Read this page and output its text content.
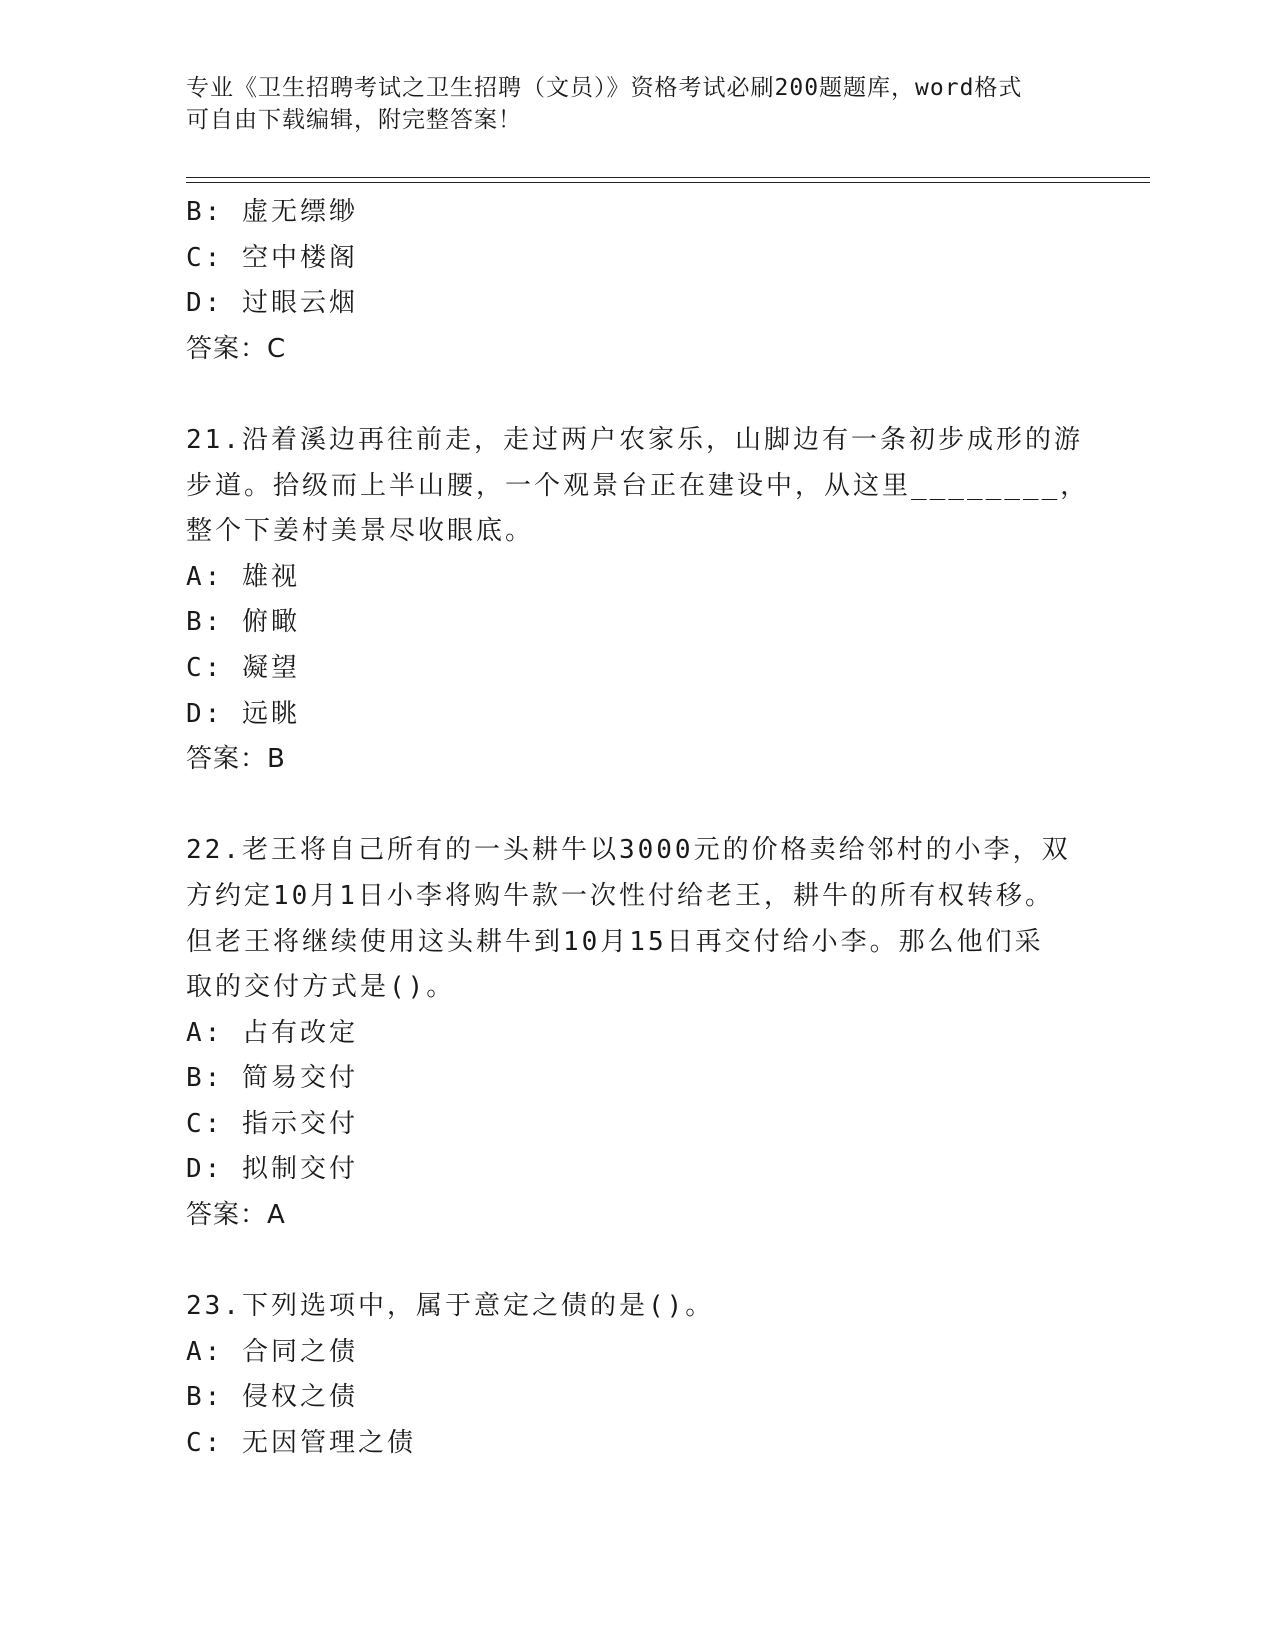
专业《卫生招聘考试之卫生招聘（文员）》资格考试必刷200题题库，word格式
可自由下载编辑，附完整答案！
B: 虚无缥缈
C: 空中楼阁
D: 过眼云烟
答案：C
21.沿着溪边再往前走，走过两户农家乐，山脚边有一条初步成形的游
步道。拾级而上半山腰，一个观景台正在建设中，从这里________，
整个下姜村美景尽收眼底。
A: 雄视
B: 俯瞰
C: 凝望
D: 远眺
答案：B
22.老王将自己所有的一头耕牛以3000元的价格卖给邻村的小李，双
方约定10月1日小李将购牛款一次性付给老王，耕牛的所有权转移。
但老王将继续使用这头耕牛到10月15日再交付给小李。那么他们采
取的交付方式是()。
A: 占有改定
B: 简易交付
C: 指示交付
D: 拟制交付
答案：A
23.下列选项中，属于意定之债的是()。
A: 合同之债
B: 侵权之债
C: 无因管理之债
